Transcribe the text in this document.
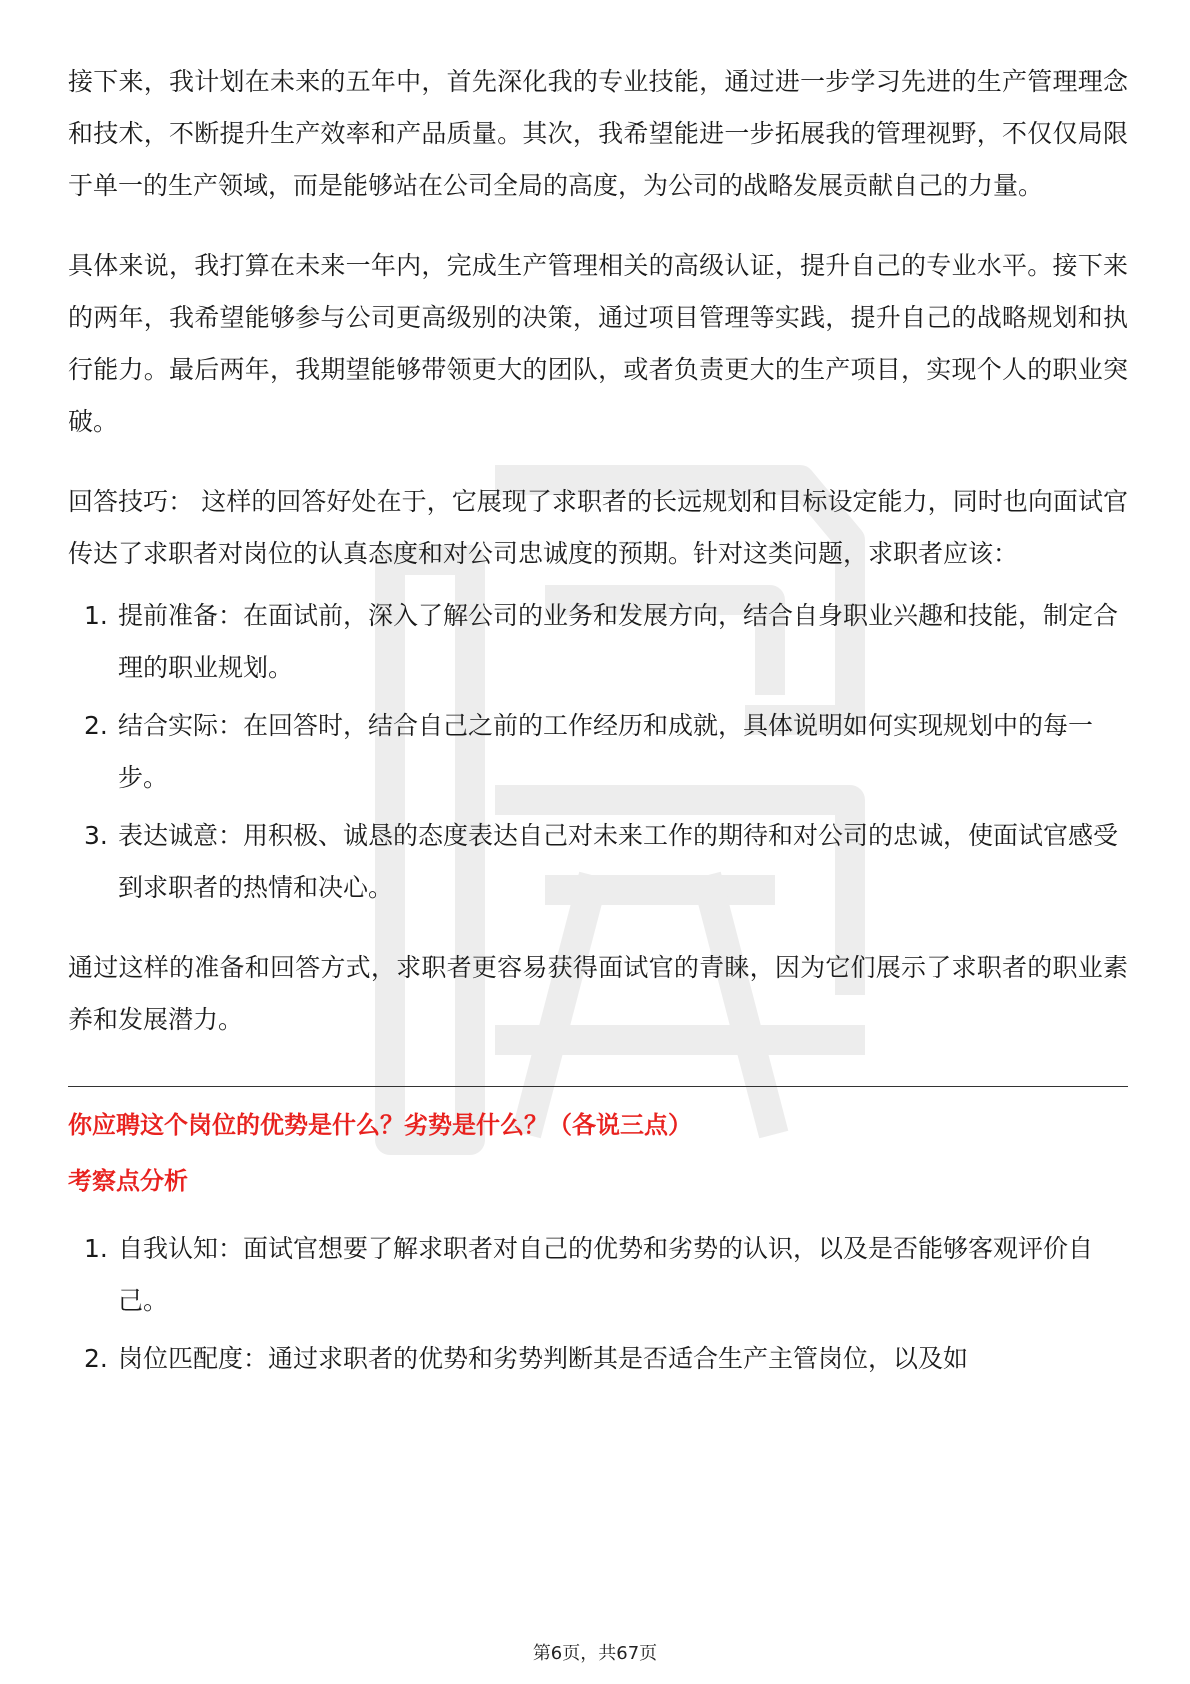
接下来，我计划在未来的五年中，首先深化我的专业技能，通过进一步学习先进的生产管理理念和技术，不断提升生产效率和产品质量。其次，我希望能进一步拓展我的管理视野，不仅仅局限于单一的生产领域，而是能够站在公司全局的高度，为公司的战略发展贡献自己的力量。

具体来说，我打算在未来一年内，完成生产管理相关的高级认证，提升自己的专业水平。接下来的两年，我希望能够参与公司更高级别的决策，通过项目管理等实践，提升自己的战略规划和执行能力。最后两年，我期望能够带领更大的团队，或者负责更大的生产项目，实现个人的职业突破。

回答技巧： 这样的回答好处在于，它展现了求职者的长远规划和目标设定能力，同时也向面试官传达了求职者对岗位的认真态度和对公司忠诚度的预期。针对这类问题，求职者应该：

1. 提前准备：在面试前，深入了解公司的业务和发展方向，结合自身职业兴趣和技能，制定合理的职业规划。
2. 结合实际：在回答时，结合自己之前的工作经历和成就，具体说明如何实现规划中的每一步。
3. 表达诚意：用积极、诚恳的态度表达自己对未来工作的期待和对公司的忠诚，使面试官感受到求职者的热情和决心。

通过这样的准备和回答方式，求职者更容易获得面试官的青睐，因为它们展示了求职者的职业素养和发展潜力。

你应聘这个岗位的优势是什么？劣势是什么？（各说三点）

考察点分析

1. 自我认知：面试官想要了解求职者对自己的优势和劣势的认识，以及是否能够客观评价自己。
2. 岗位匹配度：通过求职者的优势和劣势判断其是否适合生产主管岗位，以及如
第6页，共67页
